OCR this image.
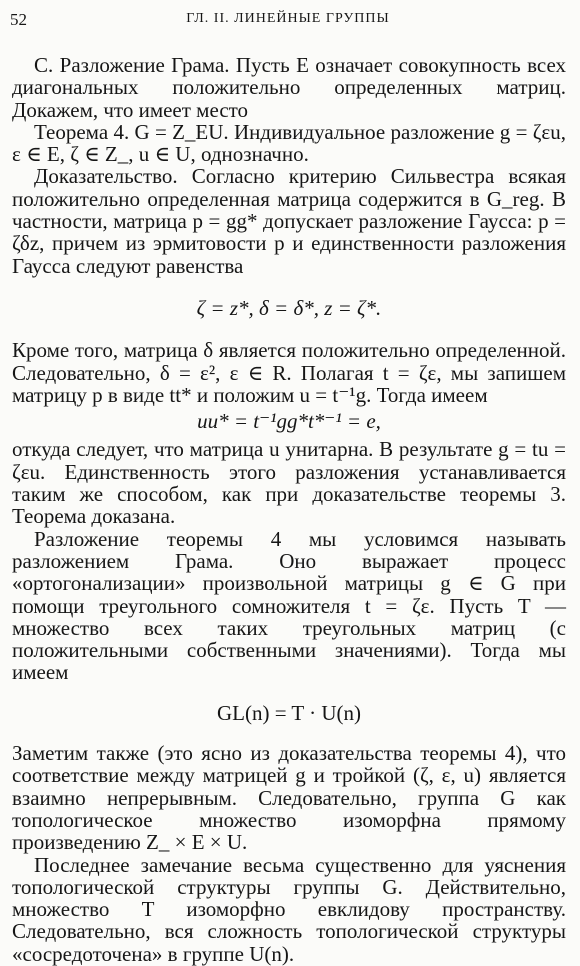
52	ГЛ. II. ЛИНЕЙНЫЕ ГРУППЫ
С. Разложение Грама. Пусть E означает совокупность всех диагональных положительно определенных матриц. Докажем, что имеет место
Теорема 4. G = Z_EU. Индивидуальное разложение g = ζεu, ε ∈ E, ζ ∈ Z_, u ∈ U, однозначно.
Доказательство. Согласно критерию Сильвестра всякая положительно определенная матрица содержится в G_reg. В частности, матрица p = gg* допускает разложение Гаусса: p = ζδz, причем из эрмитовости p и единственности разложения Гаусса следуют равенства
ζ = z*, δ = δ*, z = ζ*.
Кроме того, матрица δ является положительно определенной. Следовательно, δ = ε², ε ∈ R. Полагая t = ζε, мы запишем матрицу p в виде tt* и положим u = t⁻¹g. Тогда имеем
uu* = t⁻¹gg*t*⁻¹ = e,
откуда следует, что матрица u унитарна. В результате g = tu = ζεu. Единственность этого разложения устанавливается таким же способом, как при доказательстве теоремы 3. Теорема доказана.
Разложение теоремы 4 мы условимся называть разложением Грама. Оно выражает процесс «ортогонализации» произвольной матрицы g ∈ G при помощи треугольного сомножителя t = ζε. Пусть T — множество всех таких треугольных матриц (с положительными собственными значениями). Тогда мы имеем
GL(n) = T · U(n)
Заметим также (это ясно из доказательства теоремы 4), что соответствие между матрицей g и тройкой (ζ, ε, u) является взаимно непрерывным. Следовательно, группа G как топологическое множество изоморфна прямому произведению Z_ × E × U.
Последнее замечание весьма существенно для уяснения топологической структуры группы G. Действительно, множество T изоморфно евклидову пространству. Следовательно, вся сложность топологической структуры «сосредоточена» в группе U(n).
